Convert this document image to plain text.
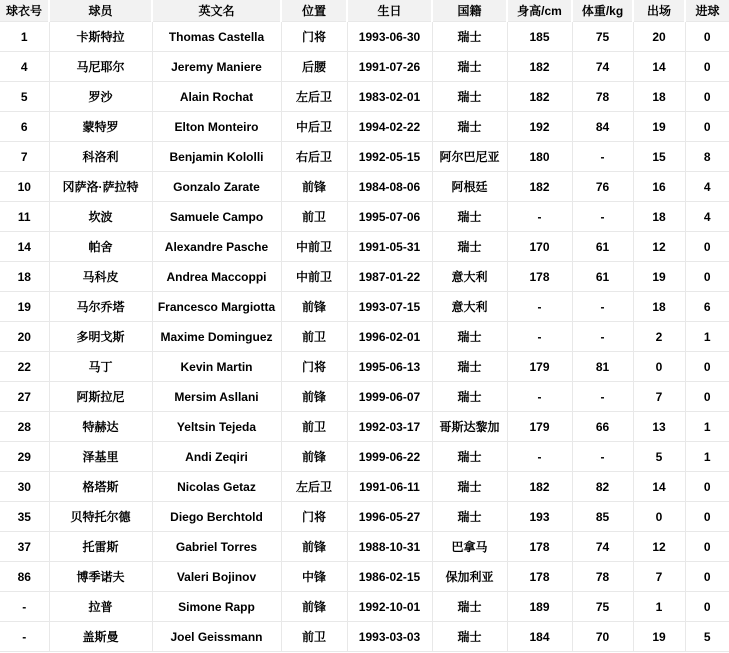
球衣号	球员	英文名	位置	生日	国籍	身高/cm	体重/kg	出场	进球
1	卡斯特拉	Thomas Castella	门将	1993-06-30	瑞士	185	75	20	0
4	马尼耶尔	Jeremy Maniere	后腰	1991-07-26	瑞士	182	74	14	0
5	罗沙	Alain Rochat	左后卫	1983-02-01	瑞士	182	78	18	0
6	蒙特罗	Elton Monteiro	中后卫	1994-02-22	瑞士	192	84	19	0
7	科洛利	Benjamin Kololli	右后卫	1992-05-15	阿尔巴尼亚	180	-	15	8
10	冈萨洛·萨拉特	Gonzalo Zarate	前锋	1984-08-06	阿根廷	182	76	16	4
11	坎波	Samuele Campo	前卫	1995-07-06	瑞士	-	-	18	4
14	帕舍	Alexandre Pasche	中前卫	1991-05-31	瑞士	170	61	12	0
18	马科皮	Andrea Maccoppi	中前卫	1987-01-22	意大利	178	61	19	0
19	马尔乔塔	Francesco Margiotta	前锋	1993-07-15	意大利	-	-	18	6
20	多明戈斯	Maxime Dominguez	前卫	1996-02-01	瑞士	-	-	2	1
22	马丁	Kevin Martin	门将	1995-06-13	瑞士	179	81	0	0
27	阿斯拉尼	Mersim Asllani	前锋	1999-06-07	瑞士	-	-	7	0
28	特赫达	Yeltsin Tejeda	前卫	1992-03-17	哥斯达黎加	179	66	13	1
29	泽基里	Andi Zeqiri	前锋	1999-06-22	瑞士	-	-	5	1
30	格塔斯	Nicolas Getaz	左后卫	1991-06-11	瑞士	182	82	14	0
35	贝特托尔德	Diego Berchtold	门将	1996-05-27	瑞士	193	85	0	0
37	托雷斯	Gabriel Torres	前锋	1988-10-31	巴拿马	178	74	12	0
86	博季诺夫	Valeri Bojinov	中锋	1986-02-15	保加利亚	178	78	7	0
-	拉普	Simone Rapp	前锋	1992-10-01	瑞士	189	75	1	0
-	盖斯曼	Joel Geissmann	前卫	1993-03-03	瑞士	184	70	19	5
